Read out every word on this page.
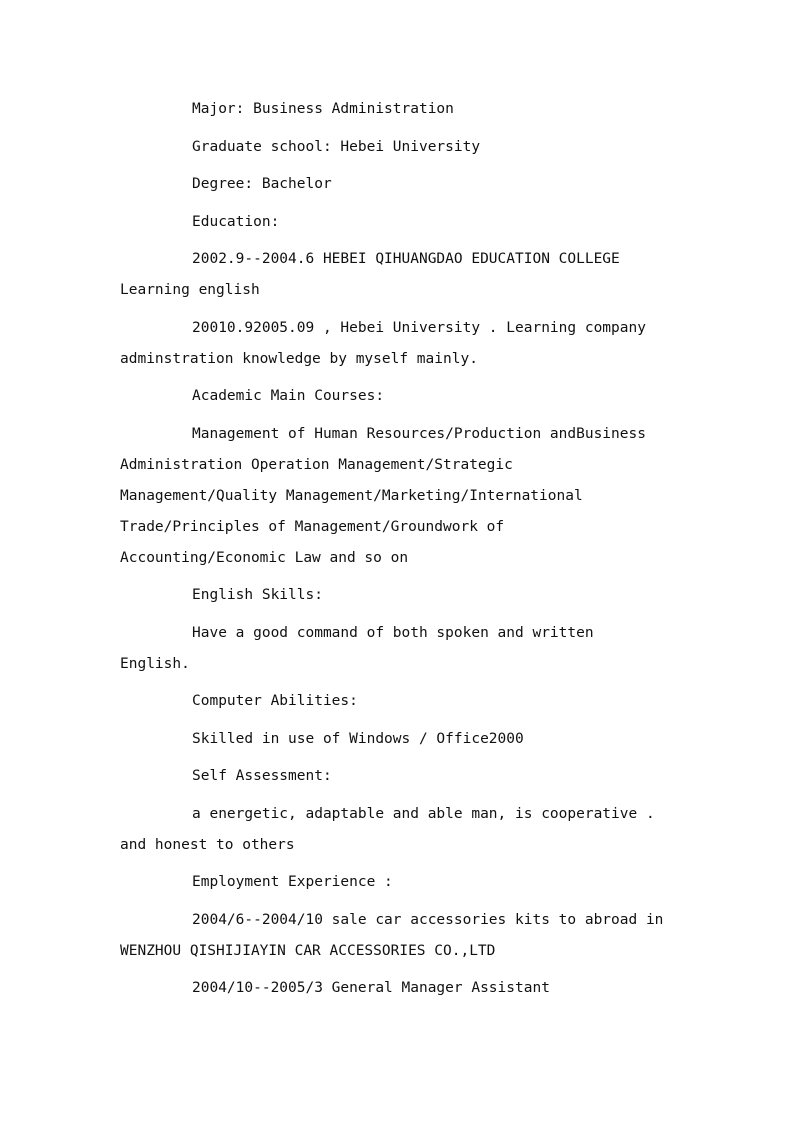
Major: Business Administration

Graduate school: Hebei University

Degree: Bachelor

Education:

2002.9--2004.6 HEBEI QIHUANGDAO EDUCATION COLLEGE Learning english

20010.92005.09 , Hebei University . Learning company adminstration knowledge by myself mainly.

Academic Main Courses:

Management of Human Resources/Production andBusiness Administration Operation Management/Strategic Management/Quality Management/Marketing/International Trade/Principles of Management/Groundwork of Accounting/Economic Law and so on

English Skills:

Have a good command of both spoken and written English.

Computer Abilities:

Skilled in use of Windows / Office2000

Self Assessment:

a energetic, adaptable and able man, is cooperative . and honest to others

Employment Experience :

2004/6--2004/10 sale car accessories kits to abroad in WENZHOU QISHIJIAYIN CAR ACCESSORIES CO.,LTD

2004/10--2005/3 General Manager Assistant
